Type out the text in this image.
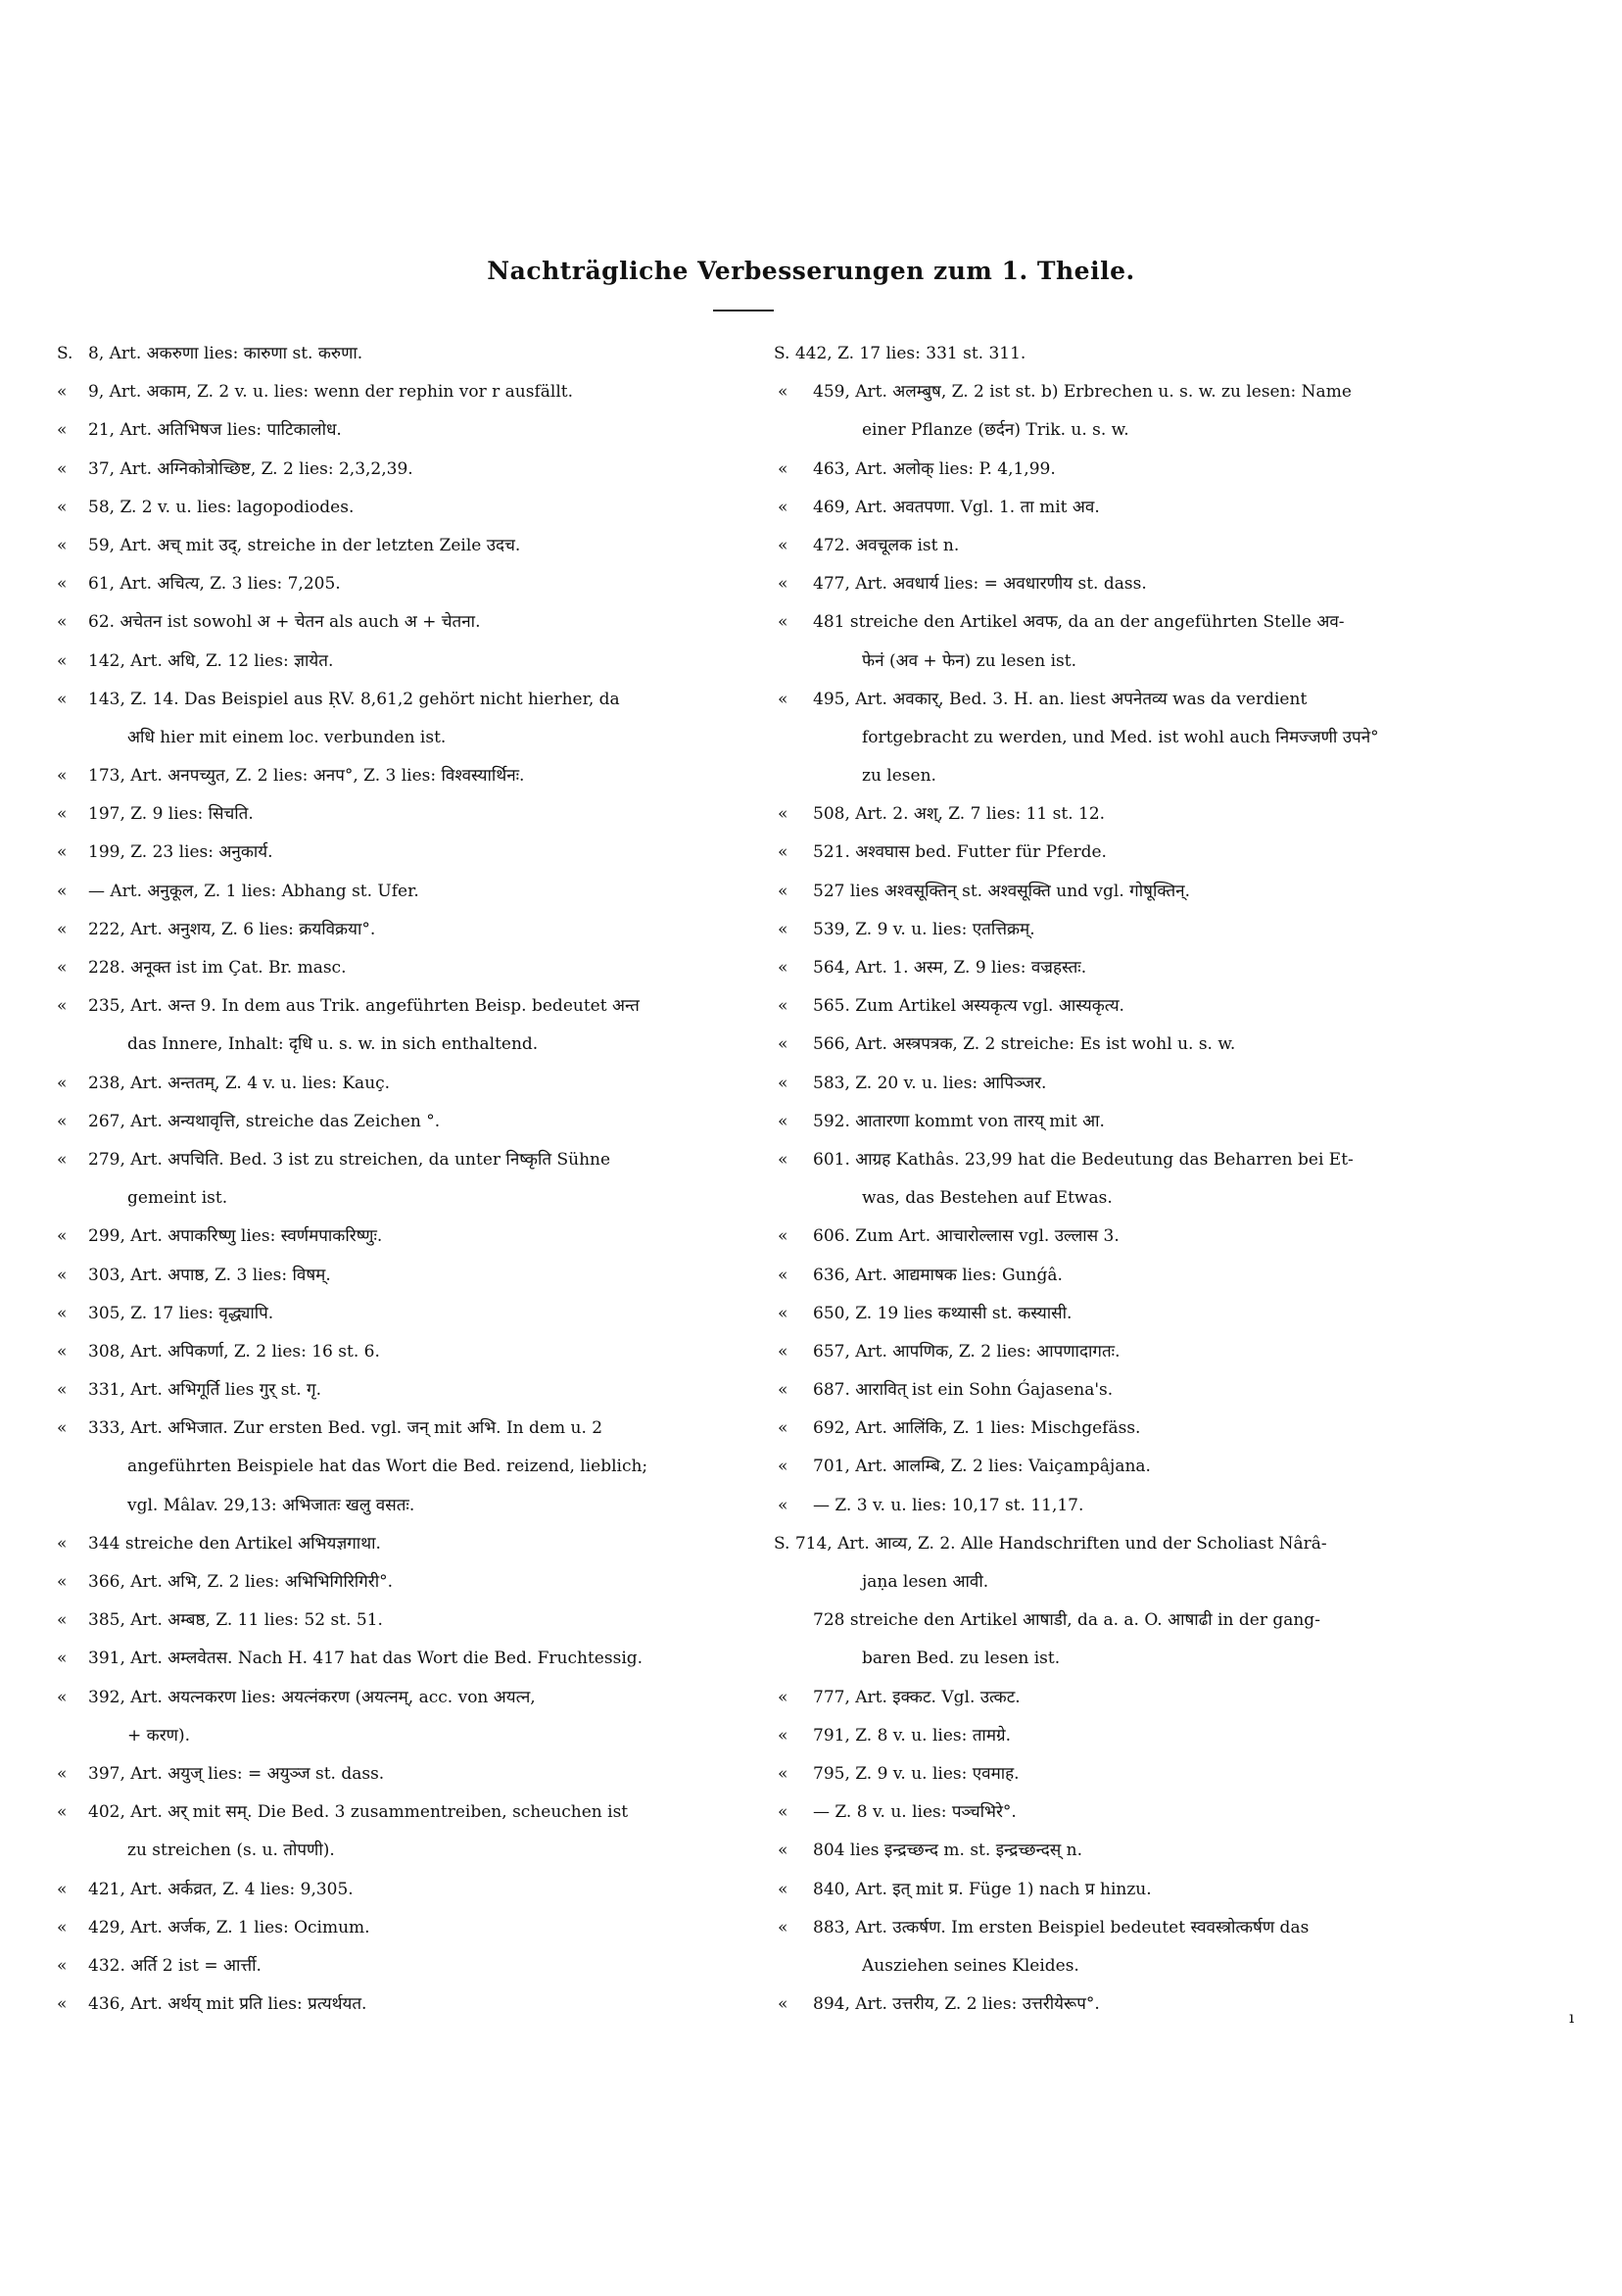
Nachträgliche Verbesserungen zum 1. Theile.
S. 8, Art. अकरुणा lies: कारुणा st. करुणा.
« 9, Art. अकाम, Z. 2 v. u. lies: wenn der rephin vor r ausfällt.
« 21, Art. अतिभिषज lies: पाटिकालोध.
« 37, Art. अग्निकोत्रोच्छिष्ट, Z. 2 lies: 2,3,2,39.
« 58, Z. 2 v. u. lies: lagopodiodes.
« 59, Art. अच् mit उद्, streiche in der letzten Zeile उदच.
« 61, Art. अचित्य, Z. 3 lies: 7,205.
« 62. अचेतन ist sowohl अ + चेतन als auch अ + चेतना.
« 142, Art. अधि, Z. 12 lies: ज्ञायेत.
« 143, Z. 14. Das Beispiel aus ṚV. 8,61,2 gehört nicht hierher, da
अधि hier mit einem loc. verbunden ist.
« 173, Art. अनपच्युत, Z. 2 lies: अनप°, Z. 3 lies: विश्वस्यार्थिनः.
« 197, Z. 9 lies: सिचति.
« 199, Z. 23 lies: अनुकार्य.
« — Art. अनुकूल, Z. 1 lies: Abhang st. Ufer.
« 222, Art. अनुशय, Z. 6 lies: क्रयविक्रया°.
« 228. अनूक्त ist im Çat. Br. masc.
« 235, Art. अन्त 9. In dem aus Trik. angeführten Beisp. bedeutet अन्त
das Innere, Inhalt: दृधि u. s. w. in sich enthaltend.
« 238, Art. अन्ततम्, Z. 4 v. u. lies: Kauç.
« 267, Art. अन्यथावृत्ति, streiche das Zeichen °.
« 279, Art. अपचिति. Bed. 3 ist zu streichen, da unter निष्कृति Sühne
gemeint ist.
« 299, Art. अपाकरिष्णु lies: स्वर्णमपाकरिष्णुः.
« 303, Art. अपाष्ठ, Z. 3 lies: विषम्.
« 305, Z. 17 lies: वृद्ध्यापि.
« 308, Art. अपिकर्णा, Z. 2 lies: 16 st. 6.
« 331, Art. अभिगूर्ति lies गुर् st. गृ.
« 333, Art. अभिजात. Zur ersten Bed. vgl. जन् mit अभि. In dem u. 2
angeführten Beispiele hat das Wort die Bed. reizend, lieblich;
vgl. Mâlav. 29,13: अभिजातः खलु वसतः.
« 344 streiche den Artikel अभियज्ञगाथा.
« 366, Art. अभि, Z. 2 lies: अभिभिगिरिगिरी°.
« 385, Art. अम्बष्ठ, Z. 11 lies: 52 st. 51.
« 391, Art. अम्लवेतस. Nach H. 417 hat das Wort die Bed. Fruchtessig.
« 392, Art. अयत्नकरण lies: अयत्नंकरण (अयत्नम्, acc. von अयत्न,
+ करण).
« 397, Art. अयुज् lies: = अयुञ्ज st. dass.
« 402, Art. अर् mit सम्. Die Bed. 3 zusammentreiben, scheuchen ist
zu streichen (s. u. तोपणी).
« 421, Art. अर्कव्रत, Z. 4 lies: 9,305.
« 429, Art. अर्जक, Z. 1 lies: Ocimum.
« 432. अर्ति 2 ist = आर्त्ती.
« 436, Art. अर्थय् mit प्रति lies: प्रत्यर्थयत.
S. 442, Z. 17 lies: 331 st. 311.
« 459, Art. अलम्बुष, Z. 2 ist st. b) Erbrechen u. s. w. zu lesen: Name
einer Pflanze (छर्दन) Trik. u. s. w.
« 463, Art. अलोक् lies: P. 4,1,99.
« 469, Art. अवतपणा. Vgl. 1. ता mit अव.
« 472. अवचूलक ist n.
« 477, Art. अवधार्य lies: = अवधारणीय st. dass.
« 481 streiche den Artikel अवफ, da an der angeführten Stelle अव-
फेनं (अव + फेन) zu lesen ist.
« 495, Art. अवकार्, Bed. 3. H. an. liest अपनेतव्य was da verdient
fortgebracht zu werden, und Med. ist wohl auch निमज्जणी उपने°
zu lesen.
« 508, Art. 2. अश्, Z. 7 lies: 11 st. 12.
« 521. अश्वघास bed. Futter für Pferde.
« 527 lies अश्वसूक्तिन् st. अश्वसूक्ति und vgl. गोषूक्तिन्.
« 539, Z. 9 v. u. lies: एतत्तिक्रम्.
« 564, Art. 1. अस्म, Z. 9 lies: वज्रहस्तः.
« 565. Zum Artikel अस्यकृत्य vgl. आस्यकृत्य.
« 566, Art. अस्त्रपत्रक, Z. 2 streiche: Es ist wohl u. s. w.
« 583, Z. 20 v. u. lies: आपिञ्जर.
« 592. आतारणा kommt von तारय् mit आ.
« 601. आग्रह Kathâs. 23,99 hat die Bedeutung das Beharren bei Et-
was, das Bestehen auf Etwas.
« 606. Zum Art. आचारोल्लास vgl. उल्लास 3.
« 636, Art. आद्यमाषक lies: Gunǵâ.
« 650, Z. 19 lies कथ्यासी st. कस्यासी.
« 657, Art. आपणिक, Z. 2 lies: आपणादागतः.
« 687. आरावित् ist ein Sohn Ǵajasena's.
« 692, Art. आलिंकि, Z. 1 lies: Mischgefäss.
« 701, Art. आलम्बि, Z. 2 lies: Vaiçampâjana.
« — Z. 3 v. u. lies: 10,17 st. 11,17.
S. 714, Art. आव्य, Z. 2. Alle Handschriften und der Scholiast Nârâ-
jaṇa lesen आवी.
728 streiche den Artikel आषाडी, da a. a. O. आषाढी in der gang-
baren Bed. zu lesen ist.
« 777, Art. इक्कट. Vgl. उत्कट.
« 791, Z. 8 v. u. lies: तामग्रे.
« 795, Z. 9 v. u. lies: एवमाह.
« — Z. 8 v. u. lies: पञ्चभिरे°.
« 804 lies इन्द्रच्छन्द m. st. इन्द्रच्छन्दस् n.
« 840, Art. इत् mit प्र. Füge 1) nach प्र hinzu.
« 883, Art. उत्कर्षण. Im ersten Beispiel bedeutet स्ववस्त्रोत्कर्षण das
Ausziehen seines Kleides.
« 894, Art. उत्तरीय, Z. 2 lies: उत्तरीयेरूप°.
ı
